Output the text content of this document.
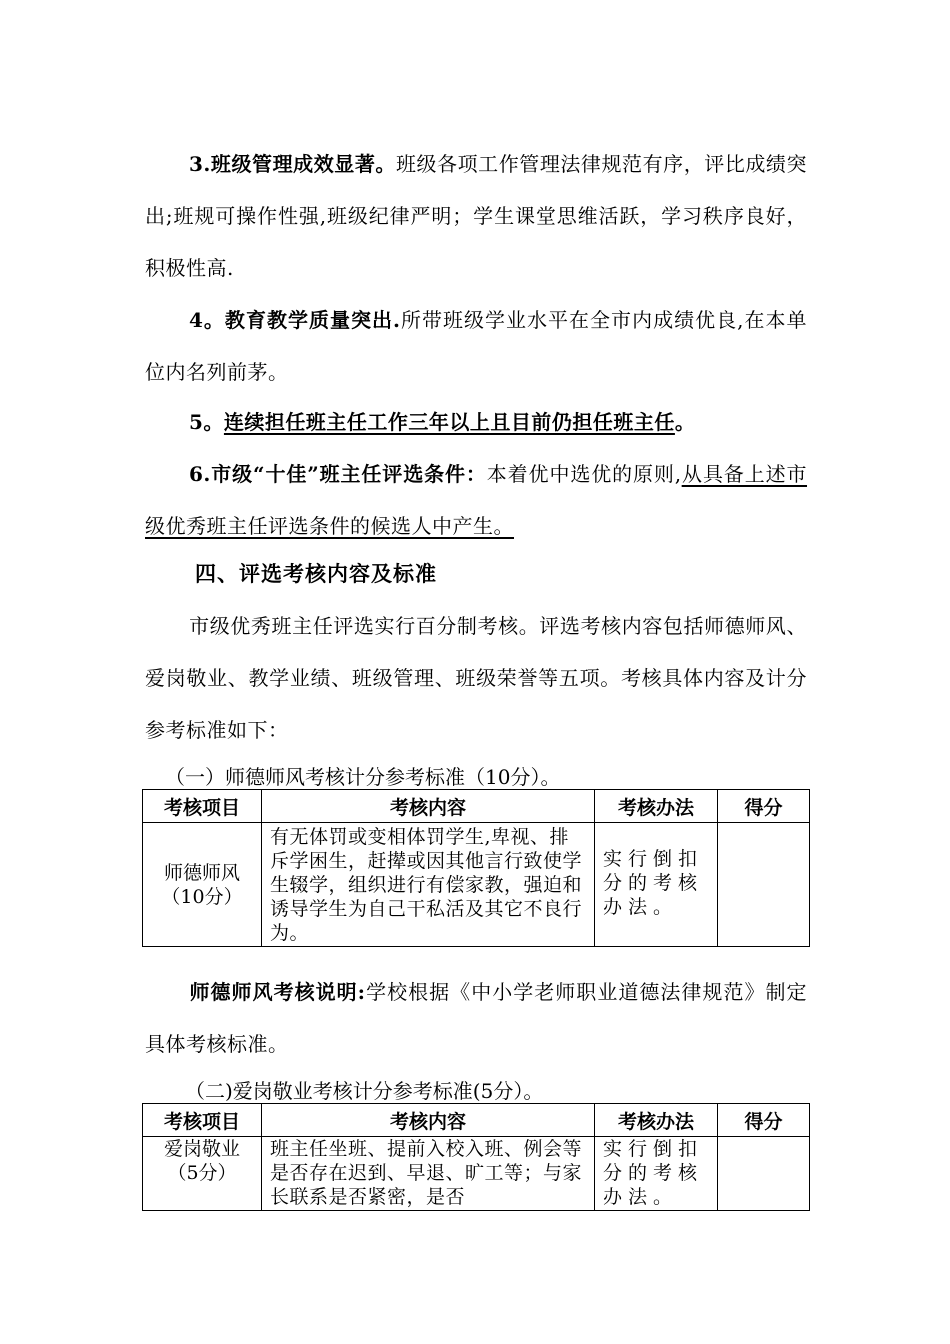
3.班级管理成效显著。班级各项工作管理法律规范有序，评比成绩突出;班规可操作性强,班级纪律严明；学生课堂思维活跃，学习秩序良好，积极性高.

4。教育教学质量突出.所带班级学业水平在全市内成绩优良,在本单位内名列前茅。

5。连续担任班主任工作三年以上且目前仍担任班主任。

6.市级“十佳”班主任评选条件：本着优中选优的原则,从具备上述市级优秀班主任评选条件的候选人中产生。

四、评选考核内容及标准

市级优秀班主任评选实行百分制考核。评选考核内容包括师德师风、爱岗敬业、教学业绩、班级管理、班级荣誉等五项。考核具体内容及计分参考标准如下：

（一）师德师风考核计分参考标准（10分）。

考核项目	考核内容	考核办法	得分
师德师风（10分）	有无体罚或变相体罚学生,卑视、排斥学困生，赶撵或因其他言行致使学生辍学，组织进行有偿家教，强迫和诱导学生为自己干私活及其它不良行为。	实行倒扣分的考核办法。	

师德师风考核说明:学校根据《中小学老师职业道德法律规范》制定具体考核标准。

（二)爱岗敬业考核计分参考标准(5分）。

考核项目	考核内容	考核办法	得分
爱岗敬业（5分）	班主任坐班、提前入校入班、例会等是否存在迟到、早退、旷工等；与家长联系是否紧密，是否	实行倒扣分的考核办法。	
